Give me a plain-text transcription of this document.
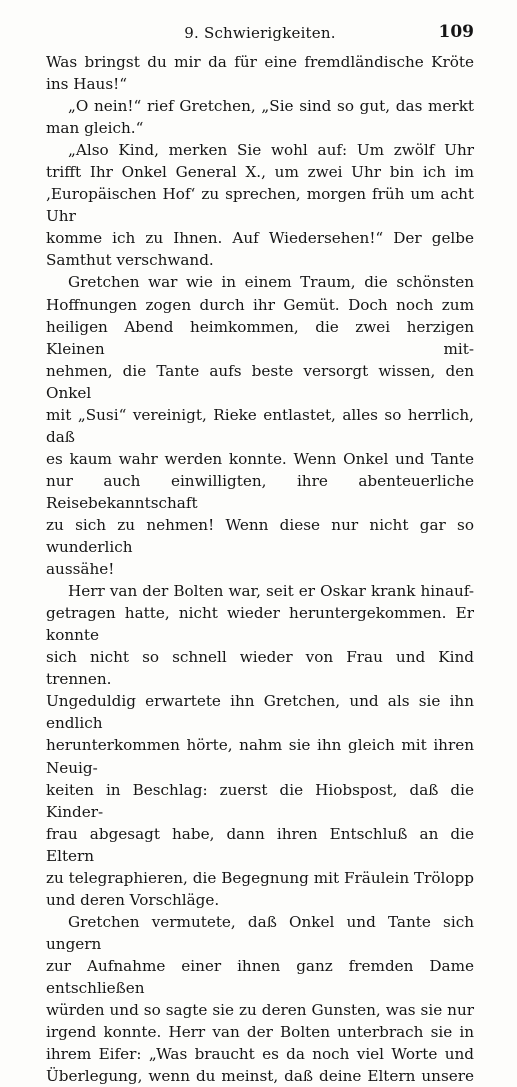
9. Schwierigkeiten.	109

Was bringst du mir da für eine fremdländische Kröte

ins Haus!“

„O nein!“ rief Gretchen, „Sie sind so gut, das merkt

man gleich.“

„Also Kind, merken Sie wohl auf: Um zwölf Uhr

trifft Ihr Onkel General X., um zwei Uhr bin ich im

‚Europäischen Hof‘ zu sprechen, morgen früh um acht Uhr

komme ich zu Ihnen. Auf Wiedersehen!“ Der gelbe

Samthut verschwand.

Gretchen war wie in einem Traum, die schönsten

Hoffnungen zogen durch ihr Gemüt. Doch noch zum

heiligen Abend heimkommen, die zwei herzigen Kleinen mit-

nehmen, die Tante aufs beste versorgt wissen, den Onkel

mit „Susi“ vereinigt, Rieke entlastet, alles so herrlich, daß

es kaum wahr werden konnte. Wenn Onkel und Tante

nur auch einwilligten, ihre abenteuerliche Reisebekanntschaft

zu sich zu nehmen! Wenn diese nur nicht gar so wunderlich

aussähe!

Herr van der Bolten war, seit er Oskar krank hinauf-

getragen hatte, nicht wieder heruntergekommen. Er konnte

sich nicht so schnell wieder von Frau und Kind trennen.

Ungeduldig erwartete ihn Gretchen, und als sie ihn endlich

herunterkommen hörte, nahm sie ihn gleich mit ihren Neuig-

keiten in Beschlag: zuerst die Hiobspost, daß die Kinder-

frau abgesagt habe, dann ihren Entschluß an die Eltern

zu telegraphieren, die Begegnung mit Fräulein Trölopp

und deren Vorschläge.

Gretchen vermutete, daß Onkel und Tante sich ungern

zur Aufnahme einer ihnen ganz fremden Dame entschließen

würden und so sagte sie zu deren Gunsten, was sie nur

irgend konnte. Herr van der Bolten unterbrach sie in

ihrem Eifer: „Was braucht es da noch viel Worte und

Überlegung, wenn du meinst, daß deine Eltern unsere
